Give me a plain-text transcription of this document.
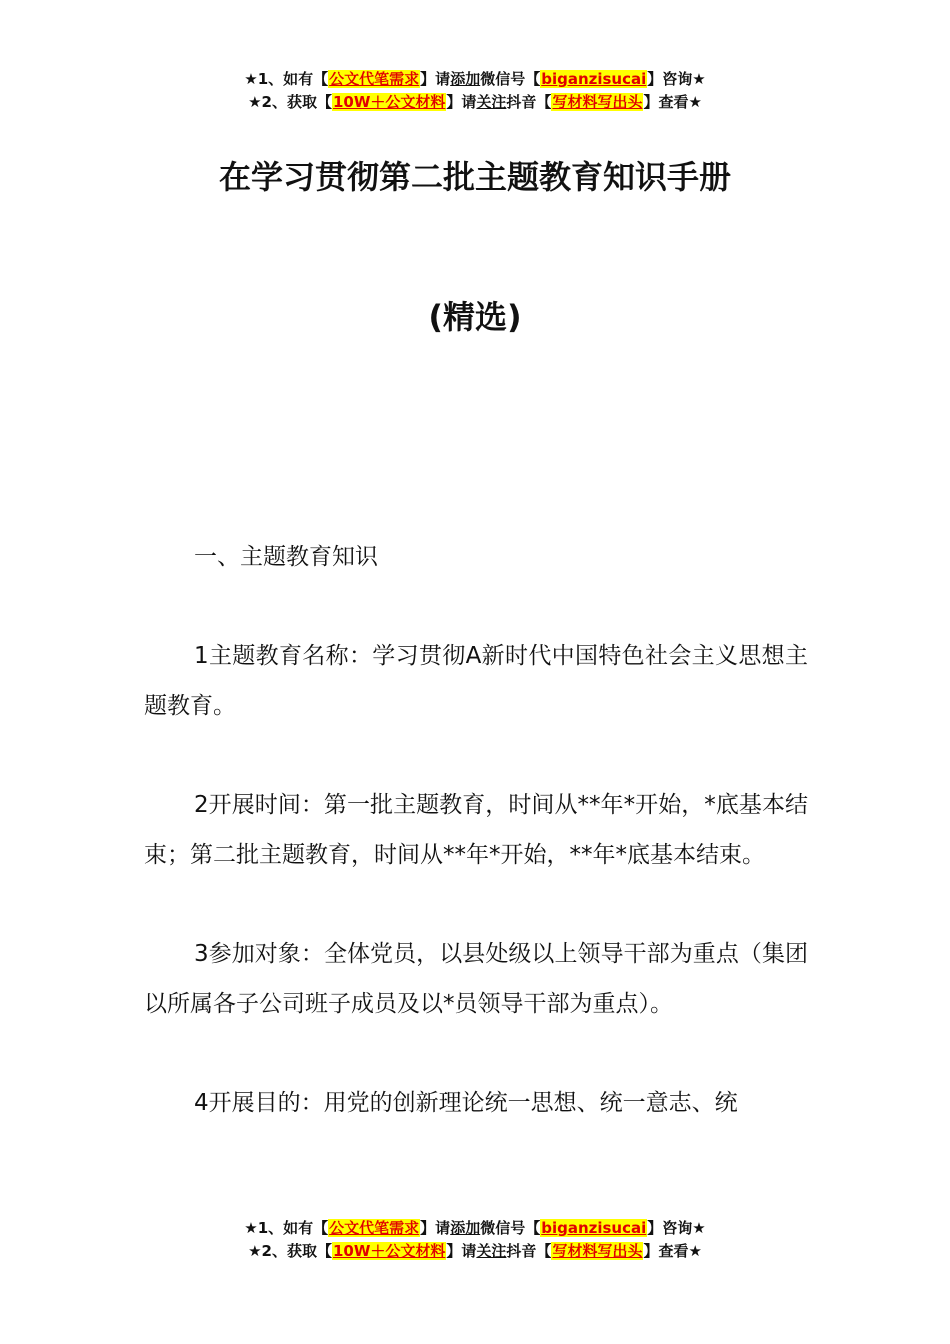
★1、如有【公文代笔需求】请添加微信号【biganzisucai】咨询★
★2、获取【10W＋公文材料】请关注抖音【写材料写出头】查看★
在学习贯彻第二批主题教育知识手册
(精选)

一、主题教育知识

1主题教育名称：学习贯彻A新时代中国特色社会主义思想主题教育。

2开展时间：第一批主题教育，时间从**年*开始，*底基本结束；第二批主题教育，时间从**年*开始，**年*底基本结束。

3参加对象：全体党员，以县处级以上领导干部为重点（集团以所属各子公司班子成员及以*员领导干部为重点）。

4开展目的：用党的创新理论统一思想、统一意志、统

★1、如有【公文代笔需求】请添加微信号【biganzisucai】咨询★
★2、获取【10W＋公文材料】请关注抖音【写材料写出头】查看★
